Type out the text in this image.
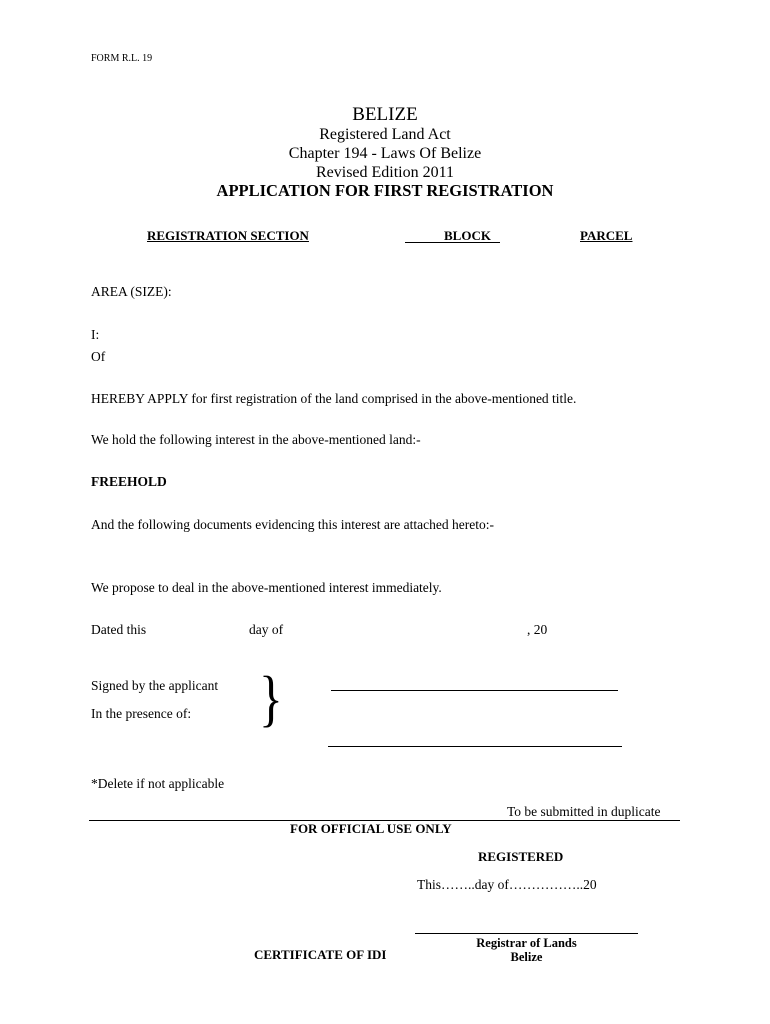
FORM R.L. 19
BELIZE
Registered Land Act
Chapter 194 - Laws Of Belize
Revised Edition 2011
APPLICATION FOR FIRST REGISTRATION
REGISTRATION SECTION	BLOCK	PARCEL
AREA (SIZE):
I:
Of
HEREBY APPLY for first registration of the land comprised in the above-mentioned title.
We hold the following interest in the above-mentioned land:-
FREEHOLD
And the following documents evidencing this interest are attached hereto:-
We propose to deal in the above-mentioned interest immediately.
Dated this	day of	, 20
Signed by the applicant
In the presence of: }
*Delete if not applicable
To be submitted in duplicate
FOR OFFICIAL USE ONLY
REGISTERED
This……..day of……………..20
Registrar of Lands
Belize
CERTIFICATE OF IDI
